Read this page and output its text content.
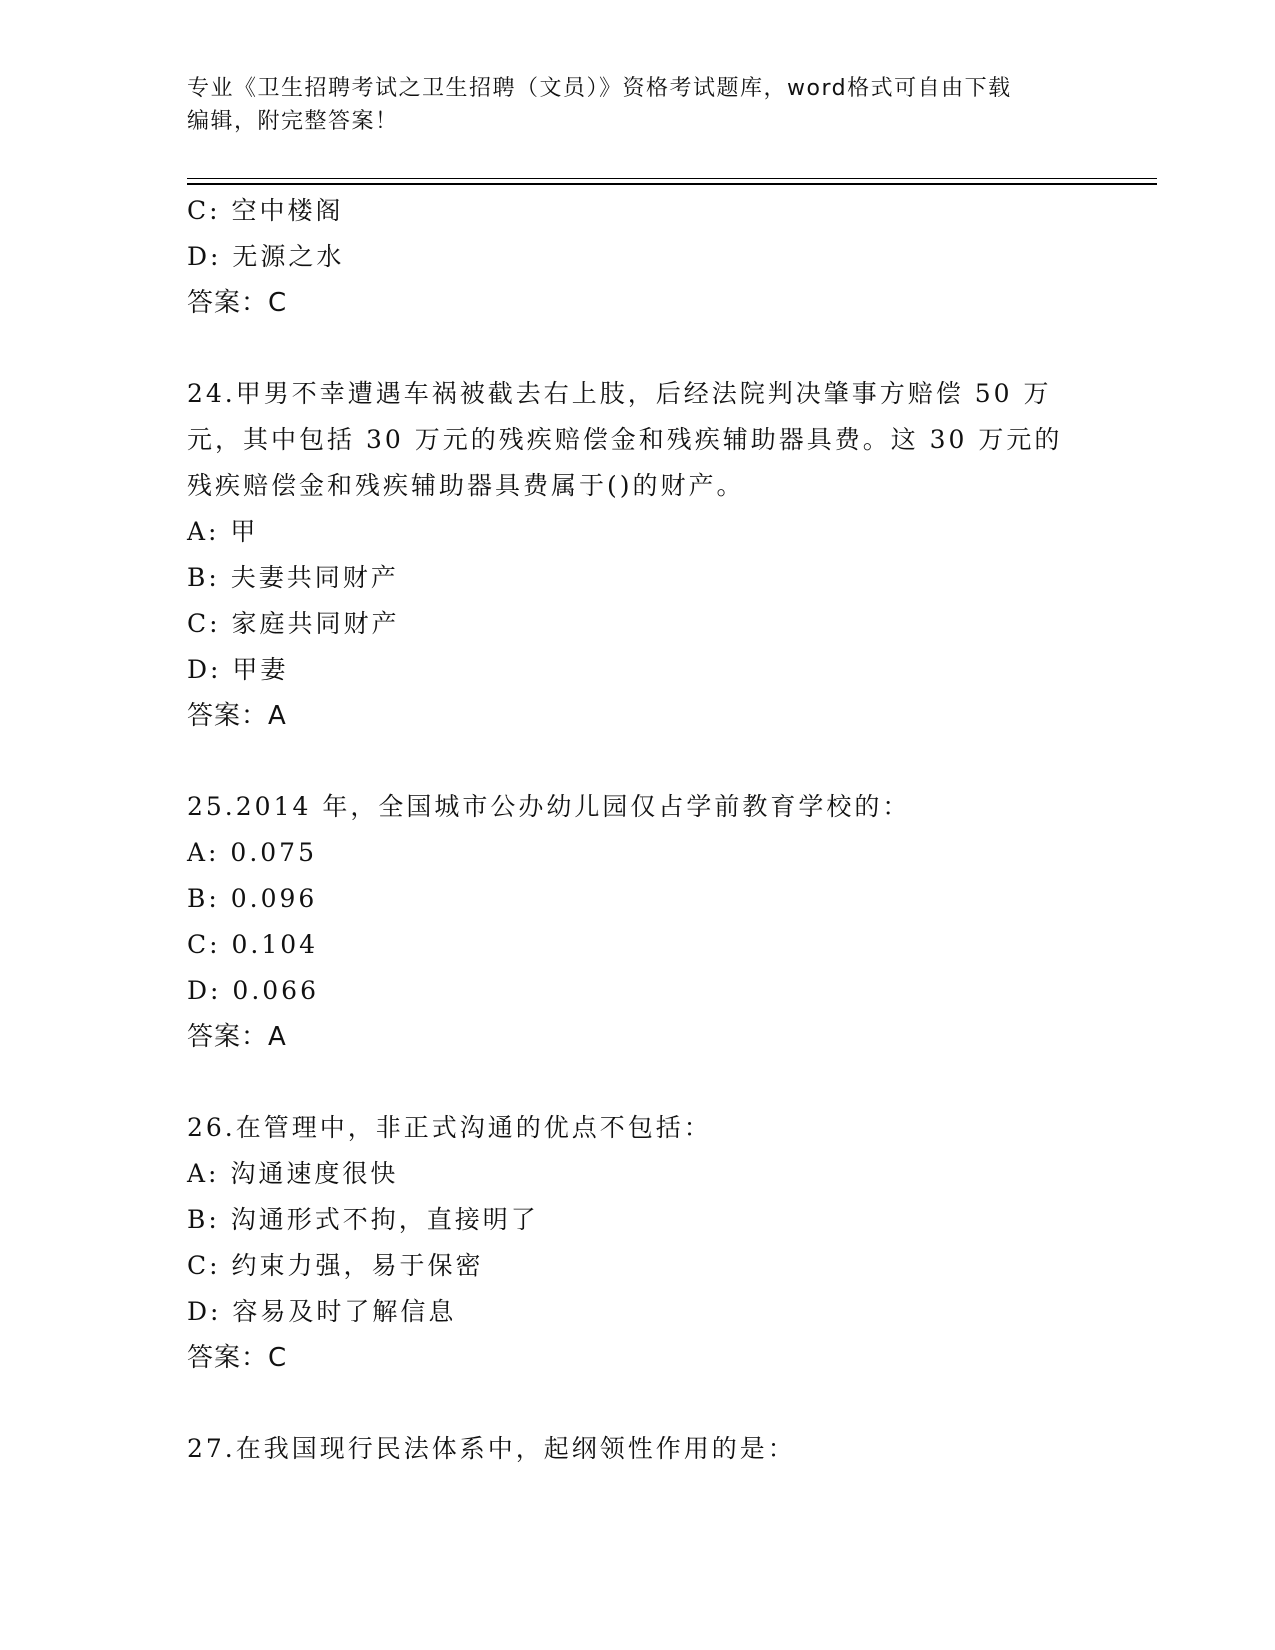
专业《卫生招聘考试之卫生招聘（文员）》资格考试题库，word格式可自由下载
编辑，附完整答案！
C: 空中楼阁
D: 无源之水
答案：C
24.甲男不幸遭遇车祸被截去右上肢，后经法院判决肇事方赔偿 50 万
元，其中包括 30 万元的残疾赔偿金和残疾辅助器具费。这 30 万元的
残疾赔偿金和残疾辅助器具费属于()的财产。
A: 甲
B: 夫妻共同财产
C: 家庭共同财产
D: 甲妻
答案：A
25.2014 年，全国城市公办幼儿园仅占学前教育学校的：
A: 0.075
B: 0.096
C: 0.104
D: 0.066
答案：A
26.在管理中，非正式沟通的优点不包括：
A: 沟通速度很快
B: 沟通形式不拘，直接明了
C: 约束力强，易于保密
D: 容易及时了解信息
答案：C
27.在我国现行民法体系中，起纲领性作用的是：
